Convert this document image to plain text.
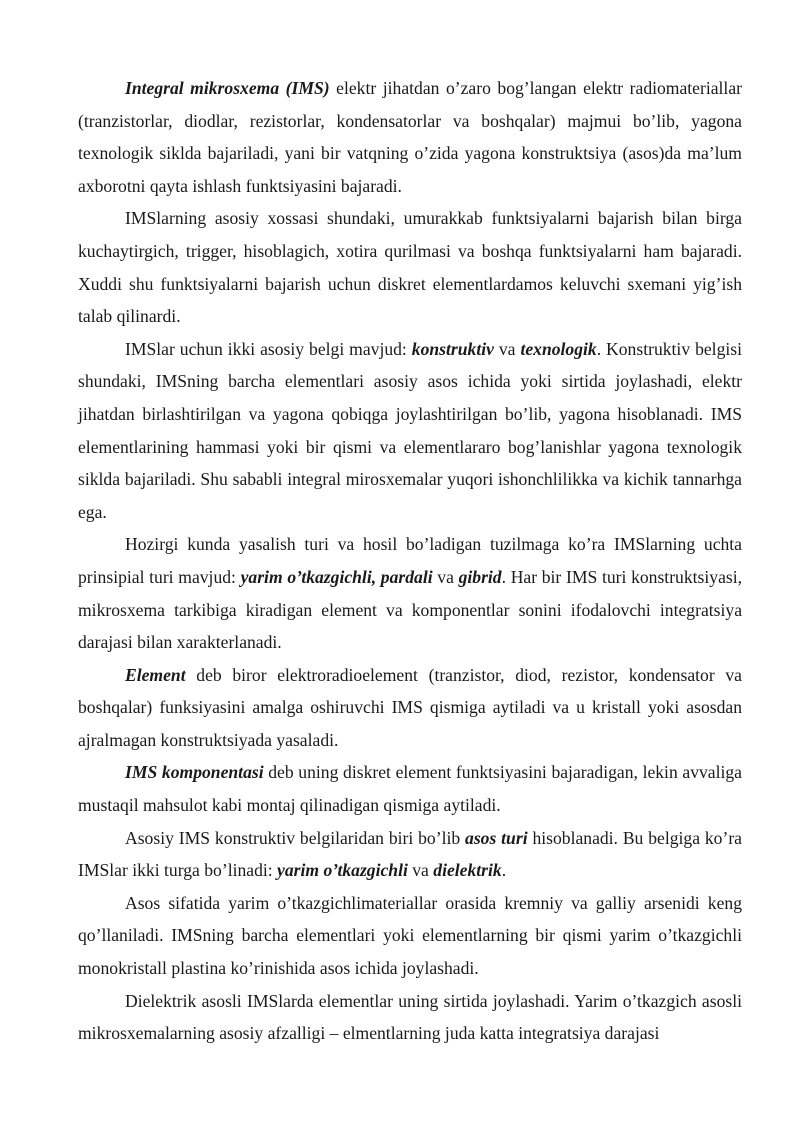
Integral mikrosxema (IMS) elektr jihatdan o’zaro bog’langan elektr radiomateriallar (tranzistorlar, diodlar, rezistorlar, kondensatorlar va boshqalar) majmui bo’lib, yagona texnologik siklda bajariladi, yani bir vatqning o’zida yagona konstruktsiya (asos)da ma’lum axborotni qayta ishlash funktsiyasini bajaradi.

IMSlarning asosiy xossasi shundaki, umurakkab funktsiyalarni bajarish bilan birga kuchaytirgich, trigger, hisoblagich, xotira qurilmasi va boshqa funktsiyalarni ham bajaradi. Xuddi shu funktsiyalarni bajarish uchun diskret elementlardamos keluvchi sxemani yig’ish talab qilinardi.

IMSlar uchun ikki asosiy belgi mavjud: konstruktiv va texnologik. Konstruktiv belgisi shundaki, IMSning barcha elementlari asosiy asos ichida yoki sirtida joylashadi, elektr jihatdan birlashtirilgan va yagona qobiqga joylashtirilgan bo’lib, yagona hisoblanadi. IMS elementlarining hammasi yoki bir qismi va elementlararo bog’lanishlar yagona texnologik siklda bajariladi. Shu sababli integral mirosxemalar yuqori ishonchlilikka va kichik tannarhga ega.

Hozirgi kunda yasalish turi va hosil bo’ladigan tuzilmaga ko’ra IMSlarning uchta prinsipial turi mavjud: yarim o’tkazgichli, pardali va gibrid. Har bir IMS turi konstruktsiyasi, mikrosxema tarkibiga kiradigan element va komponentlar sonini ifodalovchi integratsiya darajasi bilan xarakterlanadi.

Element deb biror elektroradioelement (tranzistor, diod, rezistor, kondensator va boshqalar) funksiyasini amalga oshiruvchi IMS qismiga aytiladi va u kristall yoki asosdan ajralmagan konstruktsiyada yasaladi.

IMS komponentasi deb uning diskret element funktsiyasini bajaradigan, lekin avvaliga mustaqil mahsulot kabi montaj qilinadigan qismiga aytiladi.

Asosiy IMS konstruktiv belgilaridan biri bo’lib asos turi hisoblanadi. Bu belgiga ko’ra IMSlar ikki turga bo’linadi: yarim o’tkazgichli va dielektrik.

Asos sifatida yarim o’tkazgichlimateriallar orasida kremniy va galliy arsenidi keng qo’llaniladi. IMSning barcha elementlari yoki elementlarning bir qismi yarim o’tkazgichli monokristall plastina ko’rinishida asos ichida joylashadi.

Dielektrik asosli IMSlarda elementlar uning sirtida joylashadi. Yarim o’tkazgich asosli mikrosxemalarning asosiy afzalligi – elmentlarning juda katta integratsiya darajasi
